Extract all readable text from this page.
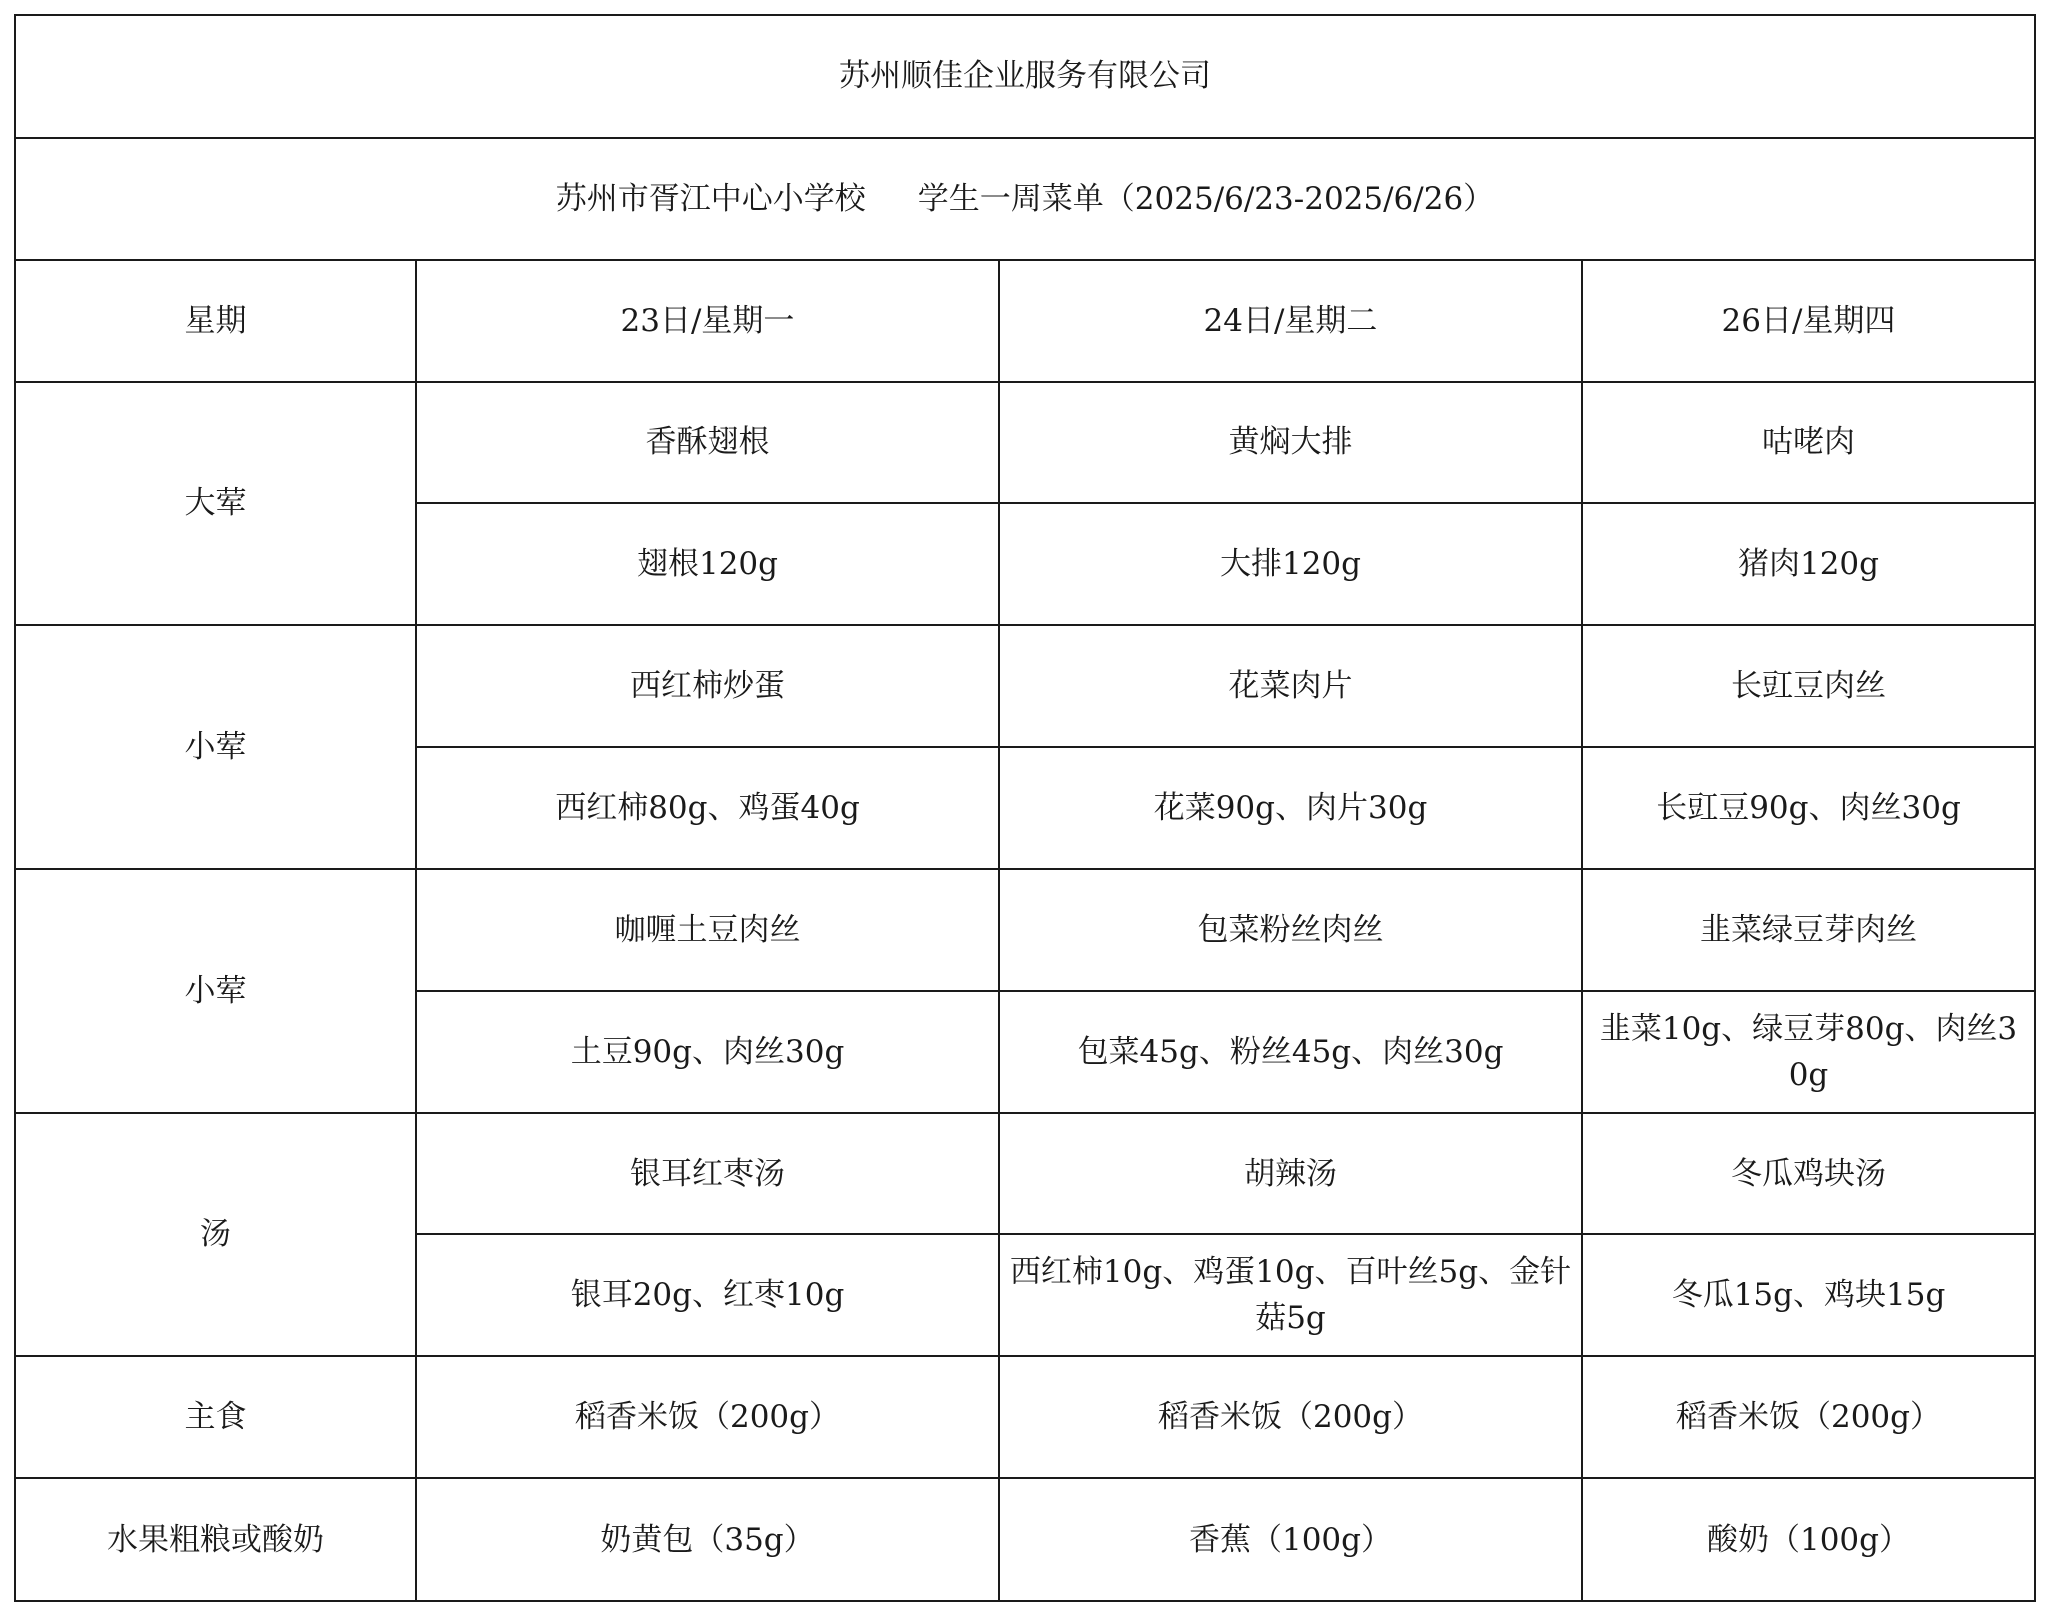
苏州顺佳企业服务有限公司			
苏州市胥江中心小学校 学生一周菜单（2025/6/23-2025/6/26）			
星期	23日/星期一	24日/星期二	26日/星期四
大荤	香酥翅根	黄焖大排	咕咾肉
	翅根120g	大排120g	猪肉120g
小荤	西红柿炒蛋	花菜肉片	长豇豆肉丝
	西红柿80g、鸡蛋40g	花菜90g、肉片30g	长豇豆90g、肉丝30g
小荤	咖喱土豆肉丝	包菜粉丝肉丝	韭菜绿豆芽肉丝
	土豆90g、肉丝30g	包菜45g、粉丝45g、肉丝30g	韭菜10g、绿豆芽80g、肉丝30g
汤	银耳红枣汤	胡辣汤	冬瓜鸡块汤
	银耳20g、红枣10g	西红柿10g、鸡蛋10g、百叶丝5g、金针菇5g	冬瓜15g、鸡块15g
主食	稻香米饭（200g）	稻香米饭（200g）	稻香米饭（200g）
水果粗粮或酸奶	奶黄包（35g）	香蕉（100g）	酸奶（100g）
